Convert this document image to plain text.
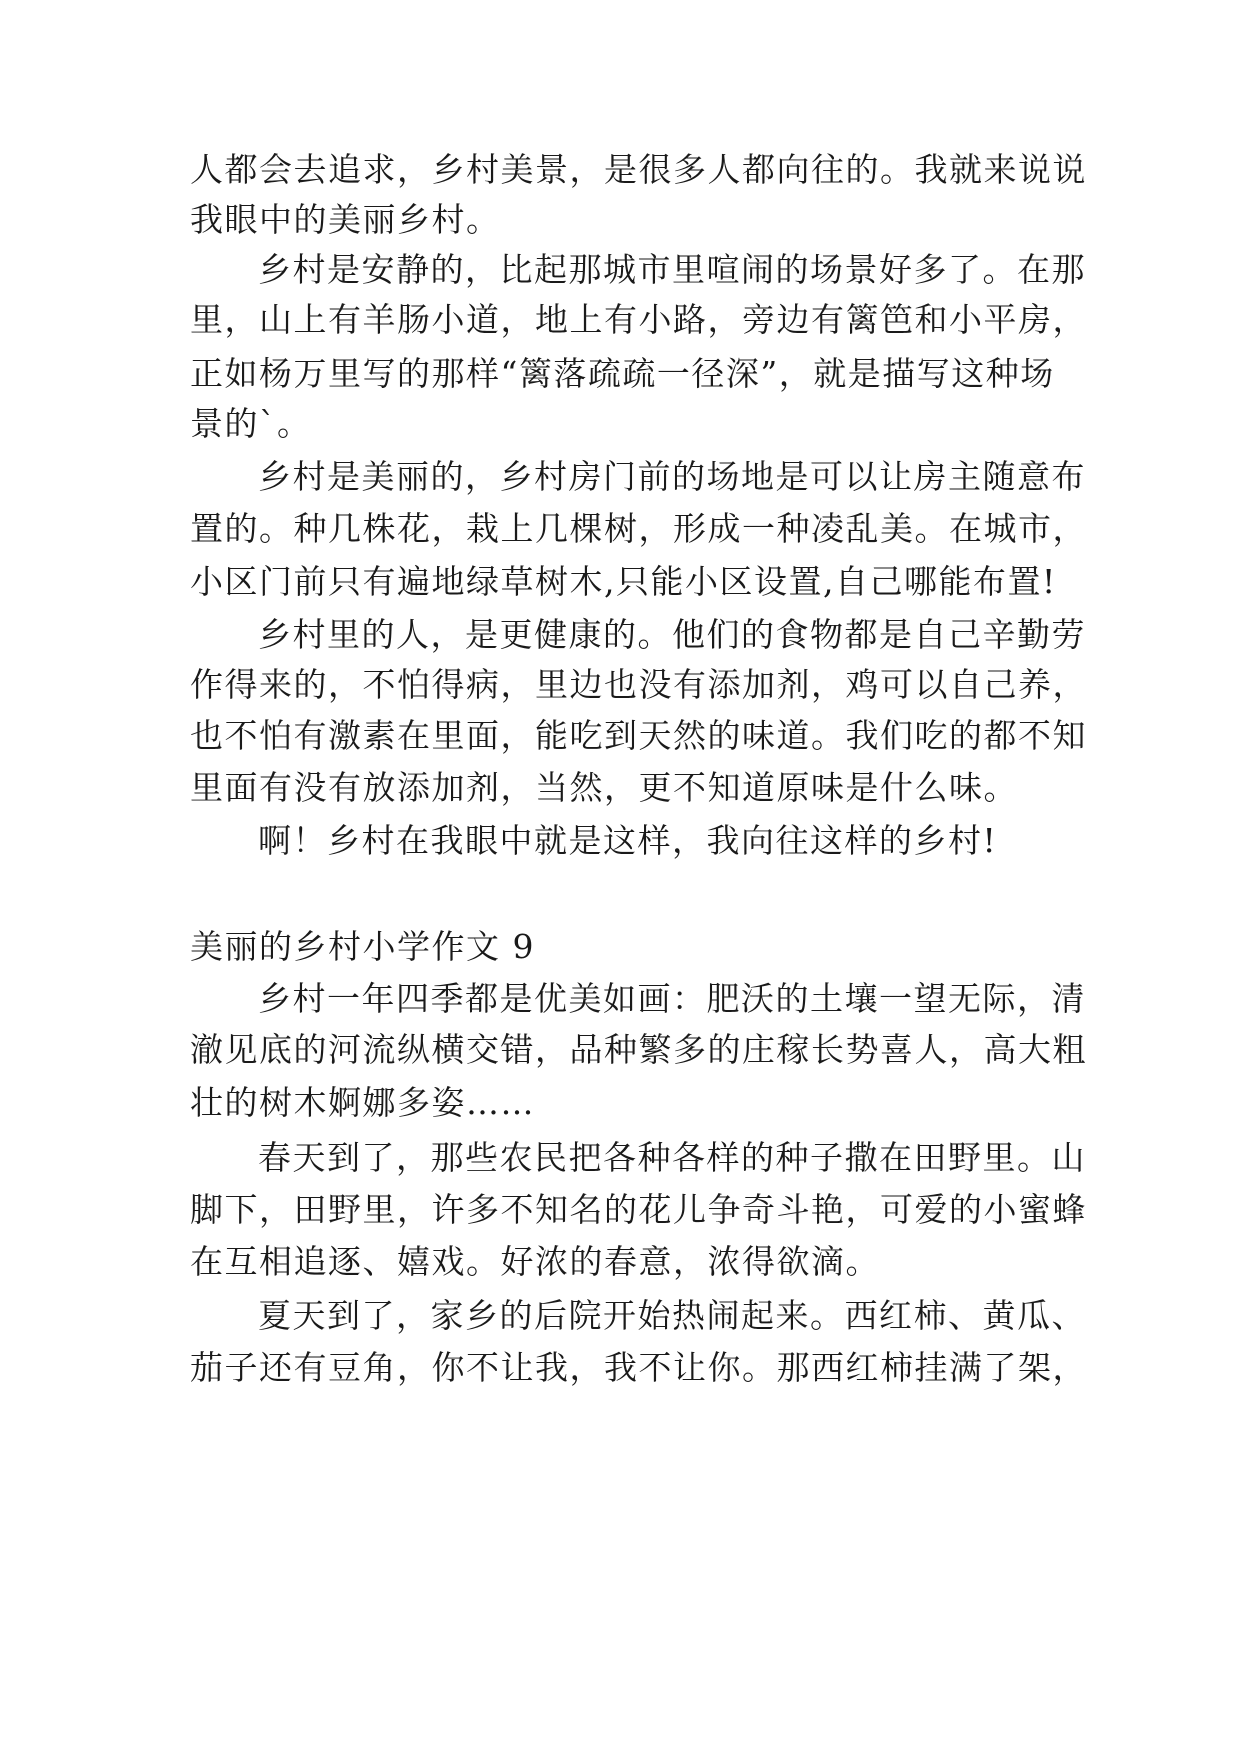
人都会去追求，乡村美景，是很多人都向往的。我就来说说
我眼中的美丽乡村。
乡村是安静的，比起那城市里喧闹的场景好多了。在那
里，山上有羊肠小道，地上有小路，旁边有篱笆和小平房，
正如杨万里写的那样“篱落疏疏一径深”，就是描写这种场
景的`。
乡村是美丽的，乡村房门前的场地是可以让房主随意布
置的。种几株花，栽上几棵树，形成一种凌乱美。在城市，
小区门前只有遍地绿草树木,只能小区设置,自己哪能布置!
乡村里的人，是更健康的。他们的食物都是自己辛勤劳
作得来的，不怕得病，里边也没有添加剂，鸡可以自己养，
也不怕有激素在里面，能吃到天然的味道。我们吃的都不知
里面有没有放添加剂，当然，更不知道原味是什么味。
啊！乡村在我眼中就是这样，我向往这样的乡村!
美丽的乡村小学作文 9
乡村一年四季都是优美如画：肥沃的土壤一望无际，清
澈见底的河流纵横交错，品种繁多的庄稼长势喜人，高大粗
壮的树木婀娜多姿……
春天到了，那些农民把各种各样的种子撒在田野里。山
脚下，田野里，许多不知名的花儿争奇斗艳，可爱的小蜜蜂
在互相追逐、嬉戏。好浓的春意，浓得欲滴。
夏天到了，家乡的后院开始热闹起来。西红柿、黄瓜、
茄子还有豆角，你不让我，我不让你。那西红柿挂满了架，
